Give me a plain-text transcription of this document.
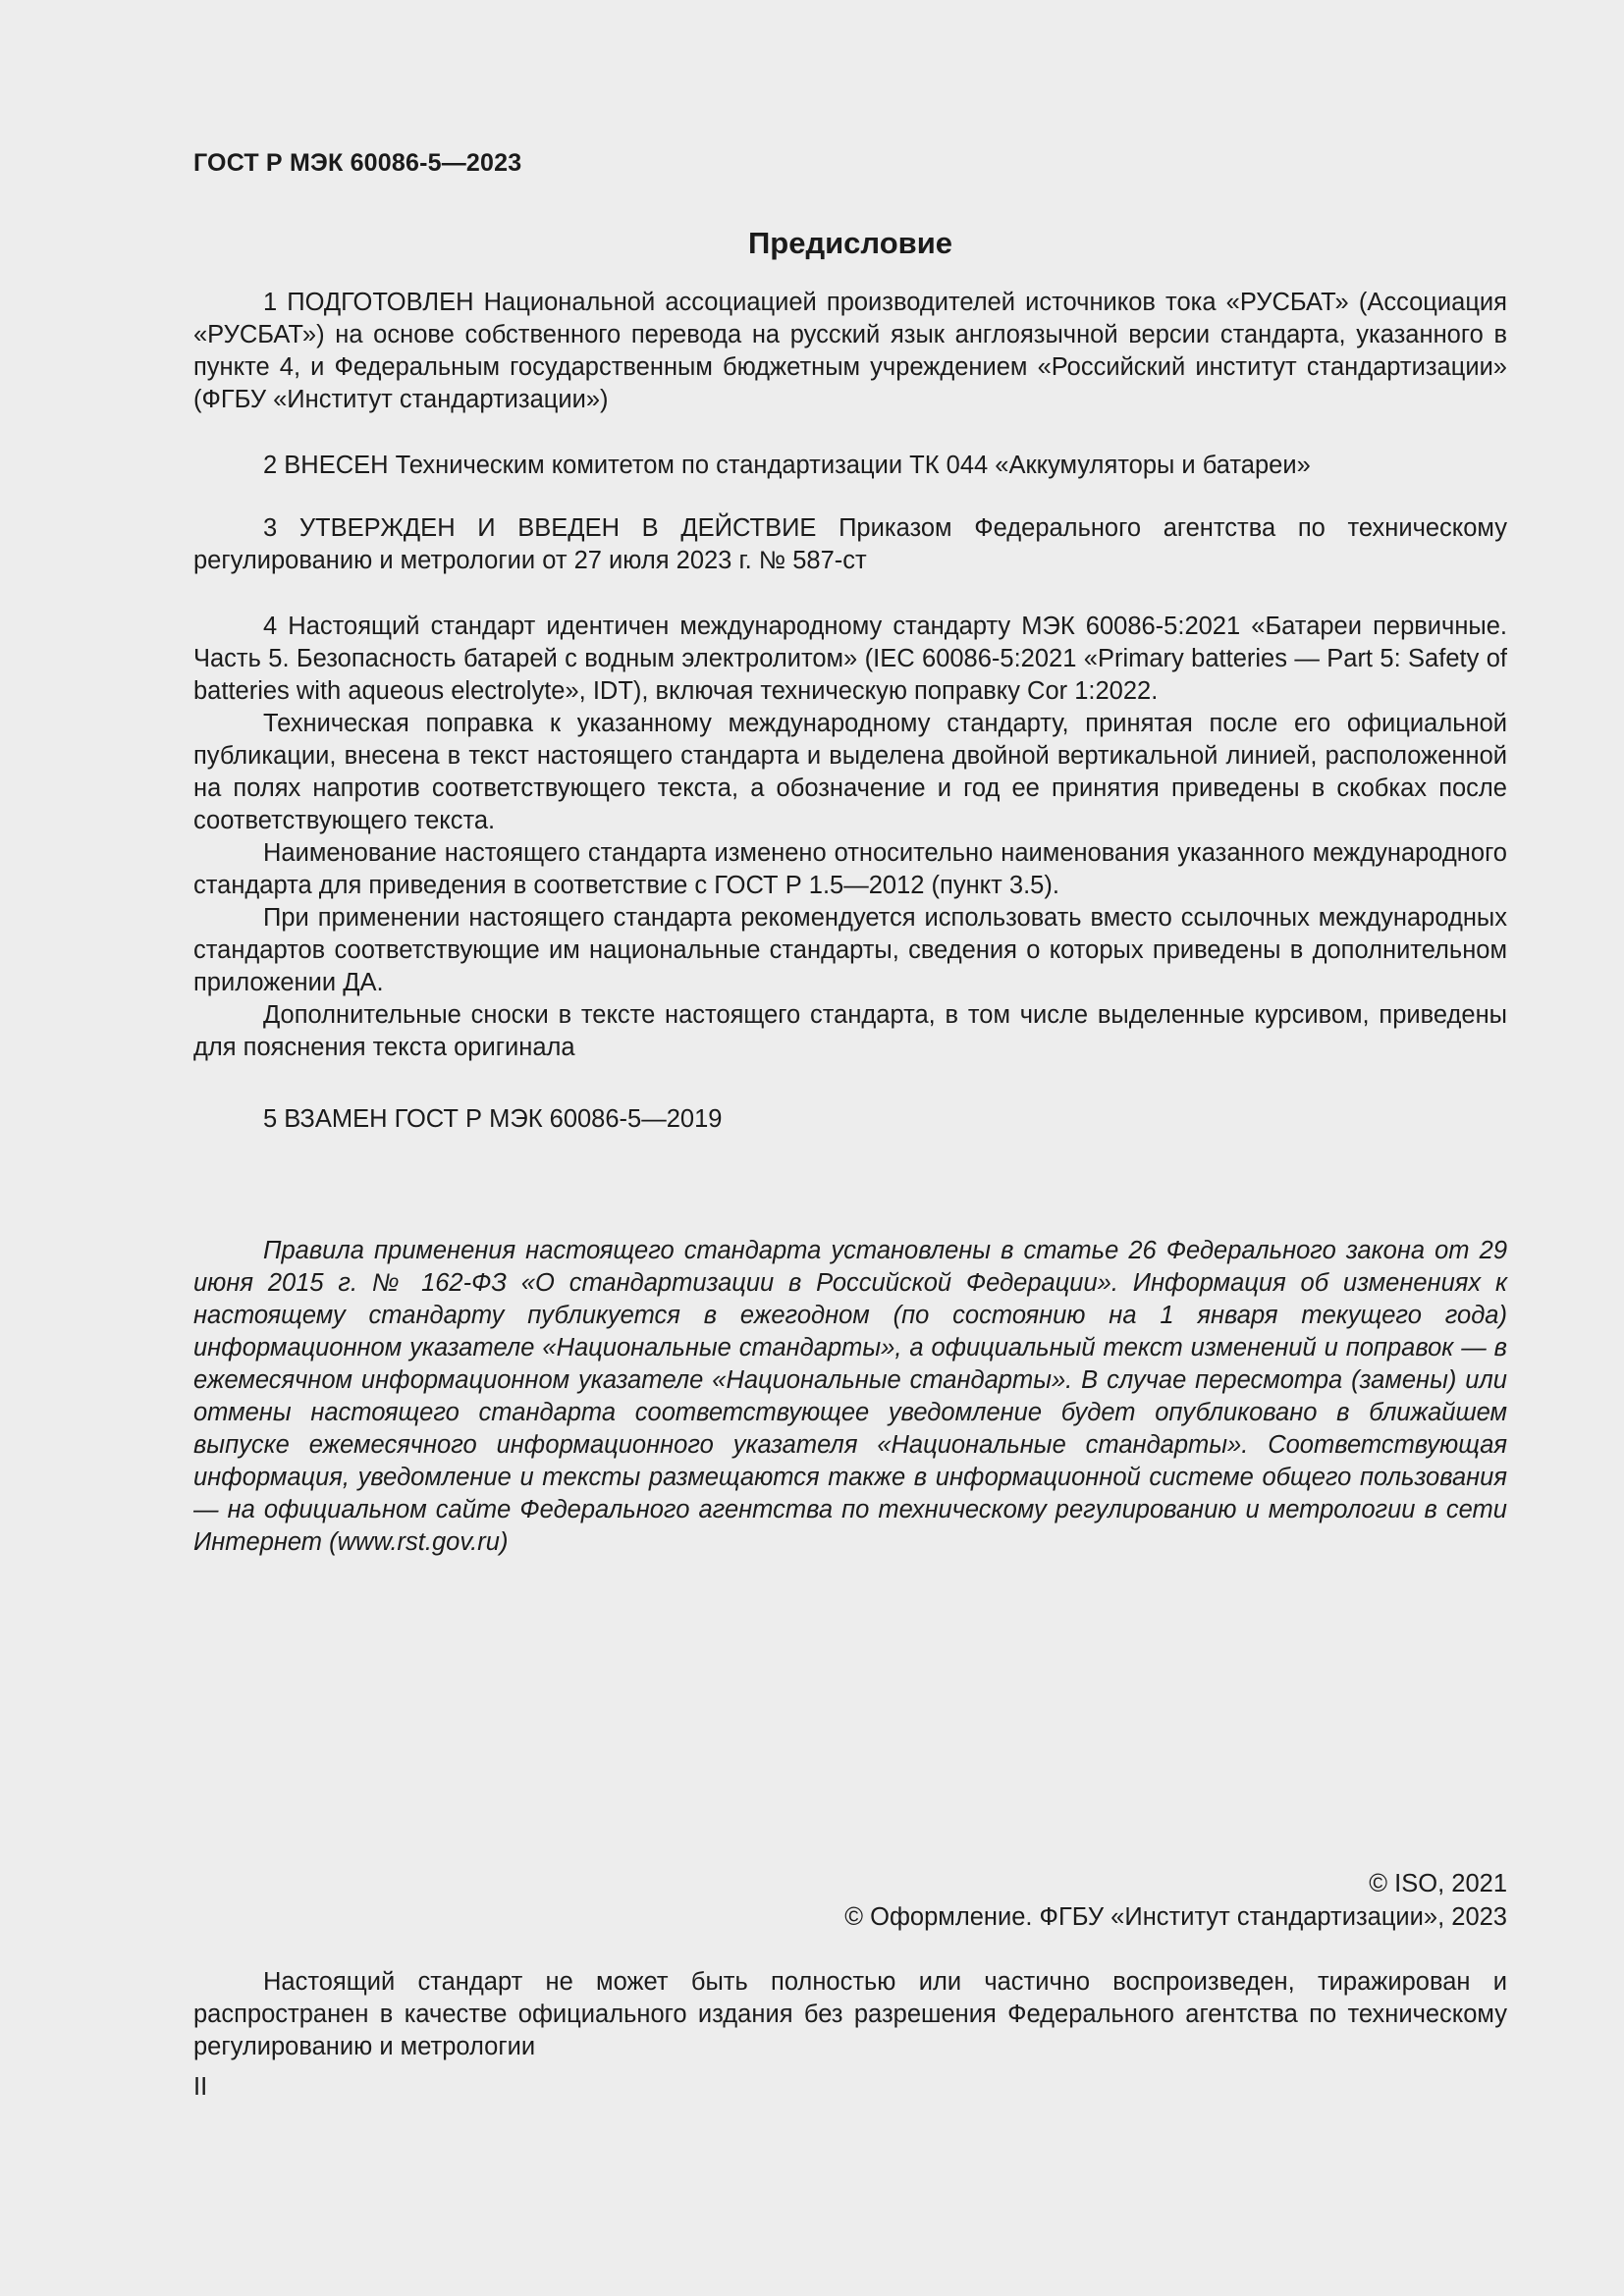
ГОСТ Р МЭК 60086-5—2023
Предисловие

1 ПОДГОТОВЛЕН Национальной ассоциацией производителей источников тока «РУСБАТ» (Ассоциация «РУСБАТ») на основе собственного перевода на русский язык англоязычной версии стандарта, указанного в пункте 4, и Федеральным государственным бюджетным учреждением «Российский институт стандартизации» (ФГБУ «Институт стандартизации»)

2 ВНЕСЕН Техническим комитетом по стандартизации ТК 044 «Аккумуляторы и батареи»

3 УТВЕРЖДЕН И ВВЕДЕН В ДЕЙСТВИЕ Приказом Федерального агентства по техническому регулированию и метрологии от 27 июля 2023 г. № 587-ст

4 Настоящий стандарт идентичен международному стандарту МЭК 60086-5:2021 «Батареи первичные. Часть 5. Безопасность батарей с водным электролитом» (IEC 60086-5:2021 «Primary batteries — Part 5: Safety of batteries with aqueous electrolyte», IDT), включая техническую поправку Cor 1:2022.

Техническая поправка к указанному международному стандарту, принятая после его официальной публикации, внесена в текст настоящего стандарта и выделена двойной вертикальной линией, расположенной на полях напротив соответствующего текста, а обозначение и год ее принятия приведены в скобках после соответствующего текста.

Наименование настоящего стандарта изменено относительно наименования указанного международного стандарта для приведения в соответствие с ГОСТ Р 1.5—2012 (пункт 3.5).

При применении настоящего стандарта рекомендуется использовать вместо ссылочных международных стандартов соответствующие им национальные стандарты, сведения о которых приведены в дополнительном приложении ДА.

Дополнительные сноски в тексте настоящего стандарта, в том числе выделенные курсивом, приведены для пояснения текста оригинала

5 ВЗАМЕН ГОСТ Р МЭК 60086-5—2019

Правила применения настоящего стандарта установлены в статье 26 Федерального закона от 29 июня 2015 г. № 162-ФЗ «О стандартизации в Российской Федерации». Информация об изменениях к настоящему стандарту публикуется в ежегодном (по состоянию на 1 января текущего года) информационном указателе «Национальные стандарты», а официальный текст изменений и поправок — в ежемесячном информационном указателе «Национальные стандарты». В случае пересмотра (замены) или отмены настоящего стандарта соответствующее уведомление будет опубликовано в ближайшем выпуске ежемесячного информационного указателя «Национальные стандарты». Соответствующая информация, уведомление и тексты размещаются также в информационной системе общего пользования — на официальном сайте Федерального агентства по техническому регулированию и метрологии в сети Интернет (www.rst.gov.ru)

© ISO, 2021
© Оформление. ФГБУ «Институт стандартизации», 2023

Настоящий стандарт не может быть полностью или частично воспроизведен, тиражирован и распространен в качестве официального издания без разрешения Федерального агентства по техническому регулированию и метрологии

II
